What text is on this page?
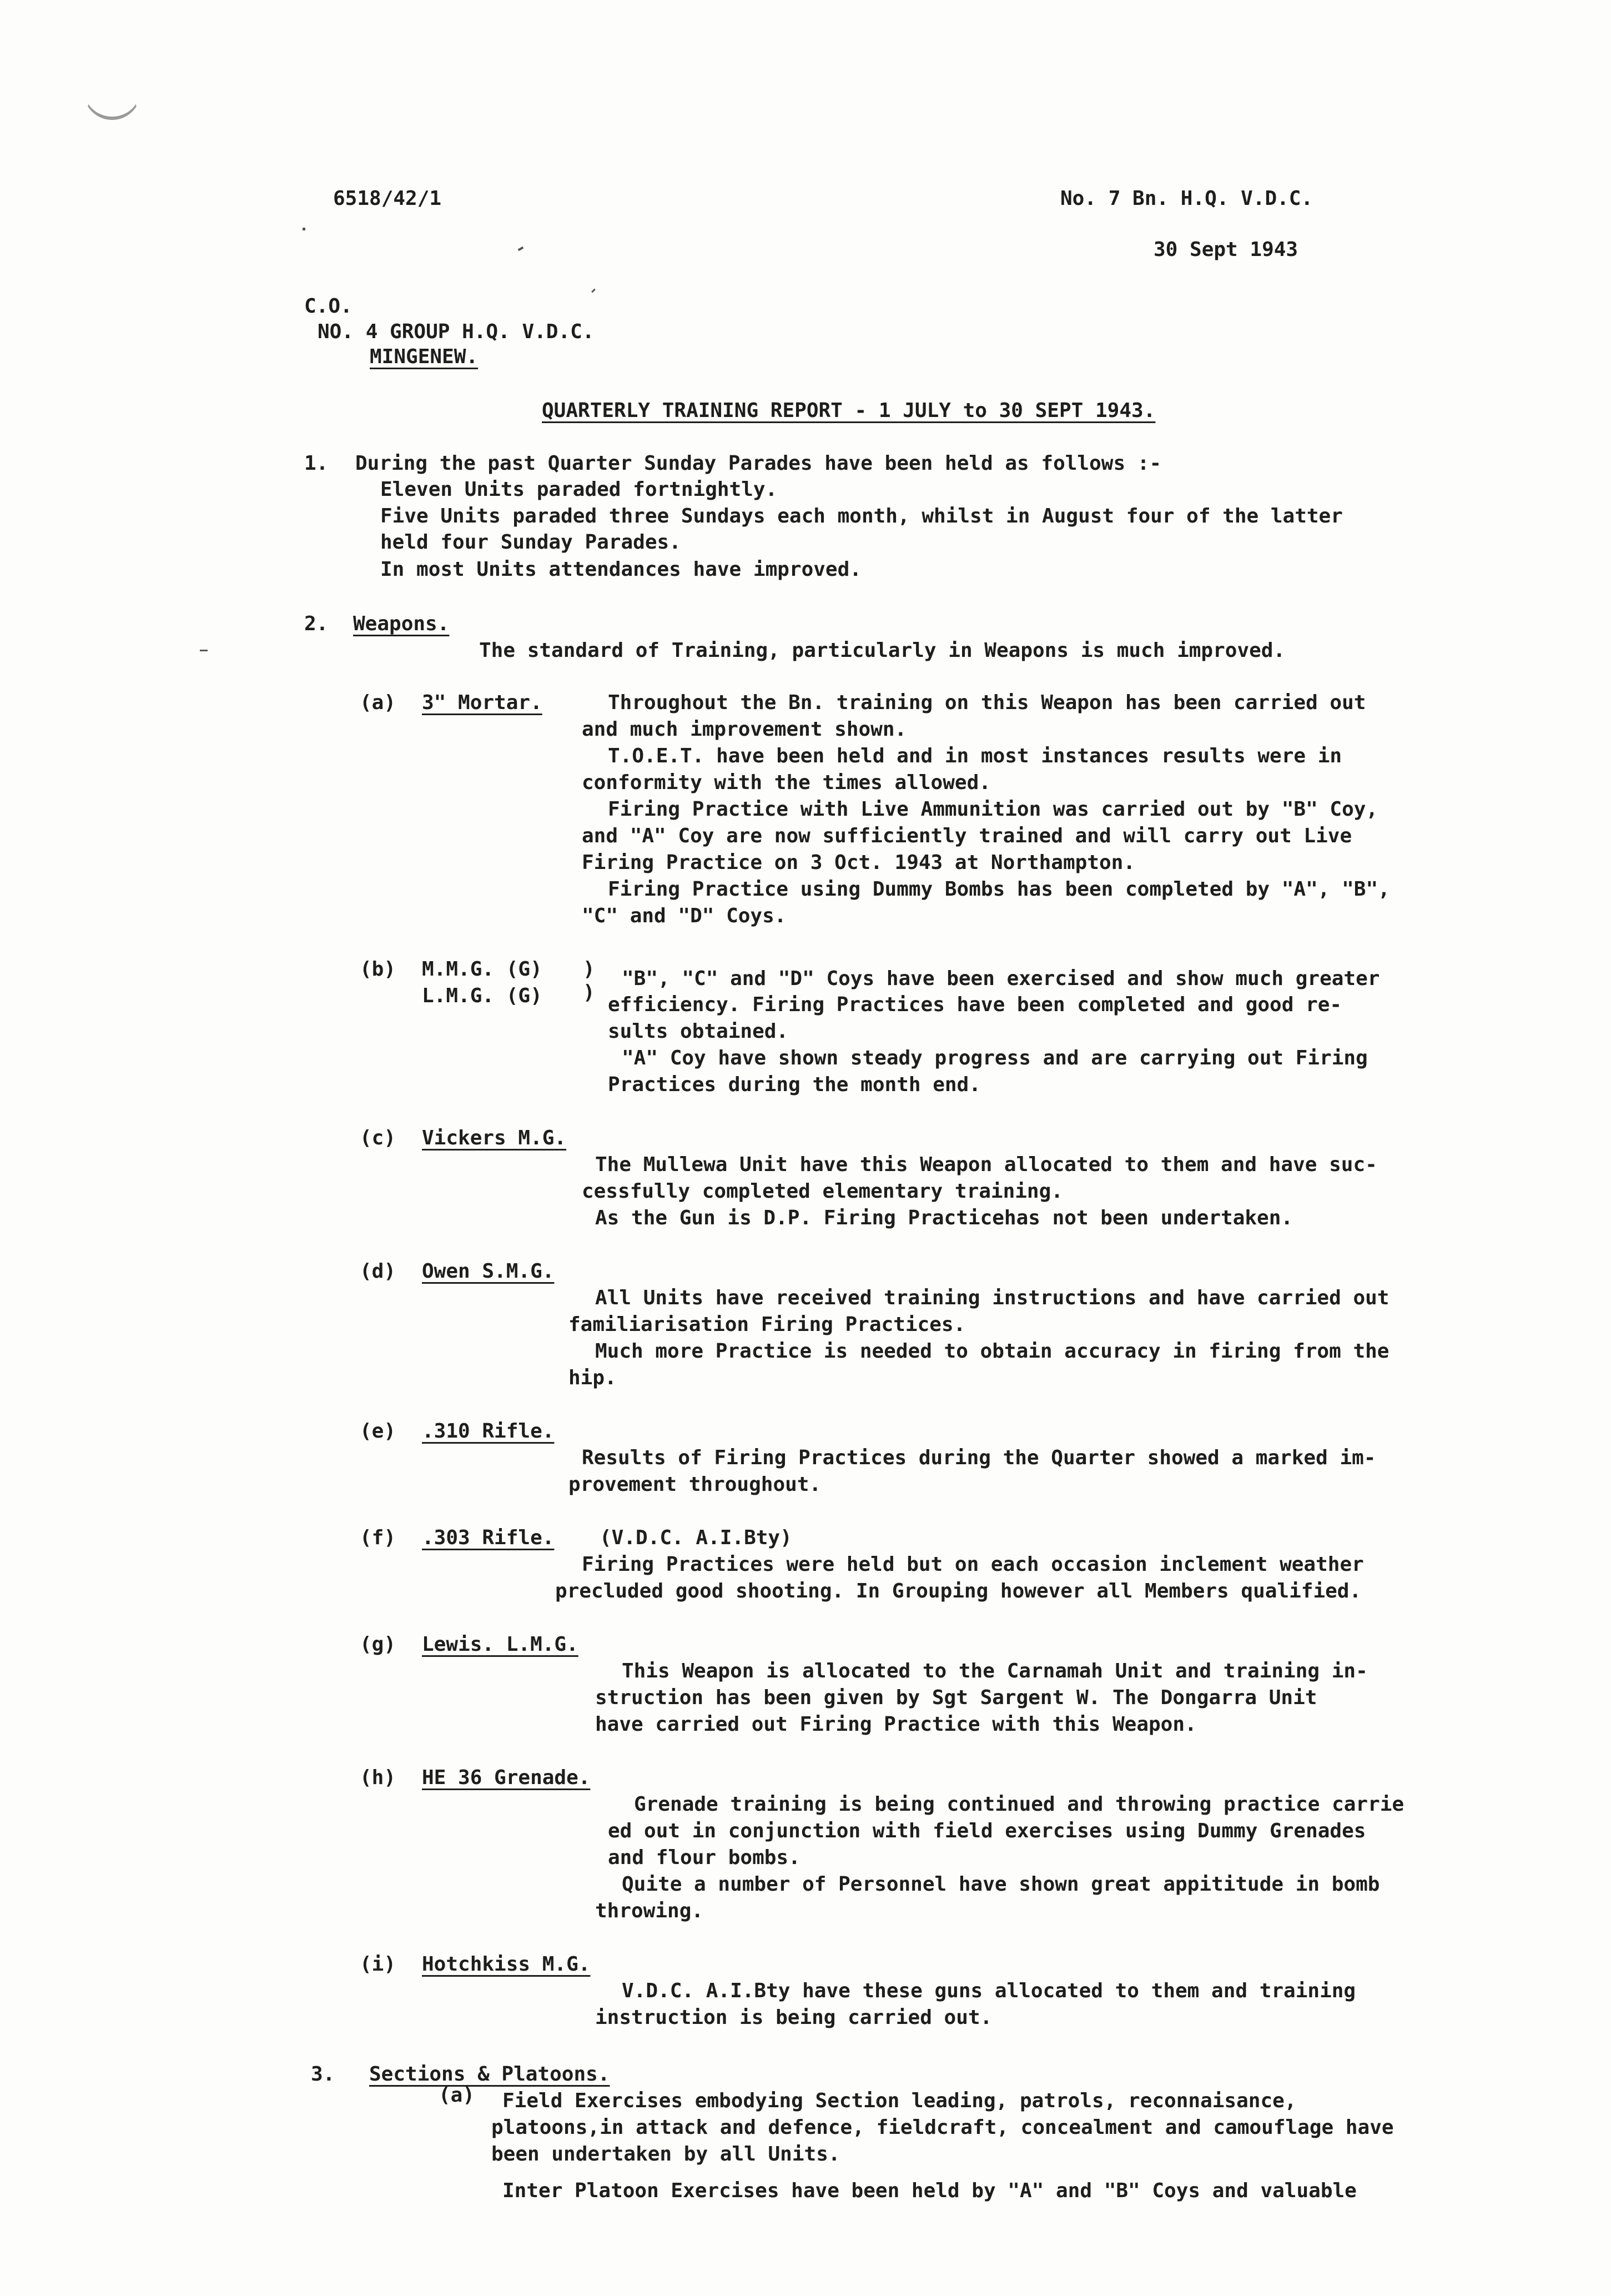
6518/42/1	No. 7 Bn. H.Q. V.D.C.
30 Sept 1943
C.O.
NO. 4 GROUP H.Q. V.D.C.
MINGENEW.
QUARTERLY TRAINING REPORT - 1 JULY to 30 SEPT 1943.
1. During the past Quarter Sunday Parades have been held as follows :-
Eleven Units paraded fortnightly.
Five Units paraded three Sundays each month, whilst in August four of the latter
held four Sunday Parades.
In most Units attendances have improved.
2. Weapons.
The standard of Training, particularly in Weapons is much improved.
(a) 3" Mortar.	Throughout the Bn. training on this Weapon has been carried out
and much improvement shown.
T.O.E.T. have been held and in most instances results were in
conformity with the times allowed.
Firing Practice with Live Ammunition was carried out by "B" Coy,
and "A" Coy are now sufficiently trained and will carry out Live
Firing Practice on 3 Oct. 1943 at Northampton.
Firing Practice using Dummy Bombs has been completed by "A", "B",
"C" and "D" Coys.
(b) M.M.G. (G)
L.M.G. (G)
)
)
"B", "C" and "D" Coys have been exercised and show much greater
efficiency. Firing Practices have been completed and good re-
sults obtained.
"A" Coy have shown steady progress and are carrying out Firing
Practices during the month end.
(c) Vickers M.G.
The Mullewa Unit have this Weapon allocated to them and have suc-
cessfully completed elementary training.
As the Gun is D.P. Firing Practicehas not been undertaken.
(d) Owen S.M.G.
All Units have received training instructions and have carried out
familiarisation Firing Practices.
Much more Practice is needed to obtain accuracy in firing from the
hip.
(e) .310 Rifle.
Results of Firing Practices during the Quarter showed a marked im-
provement throughout.
(f) .303 Rifle. (V.D.C. A.I.Bty)
Firing Practices were held but on each occasion inclement weather
precluded good shooting. In Grouping however all Members qualified.
(g) Lewis. L.M.G.
This Weapon is allocated to the Carnamah Unit and training in-
struction has been given by Sgt Sargent W. The Dongarra Unit
have carried out Firing Practice with this Weapon.
(h) HE 36 Grenade.
Grenade training is being continued and throwing practice carrie
ed out in conjunction with field exercises using Dummy Grenades
and flour bombs.
Quite a number of Personnel have shown great appititude in bomb
throwing.
(i) Hotchkiss M.G.
V.D.C. A.I.Bty have these guns allocated to them and training
instruction is being carried out.
3. Sections & Platoons.
(a) Field Exercises embodying Section leading, patrols, reconnaisance,
platoons,in attack and defence, fieldcraft, concealment and camouflage have
been undertaken by all Units.
Inter Platoon Exercises have been held by "A" and "B" Coys and valuable
